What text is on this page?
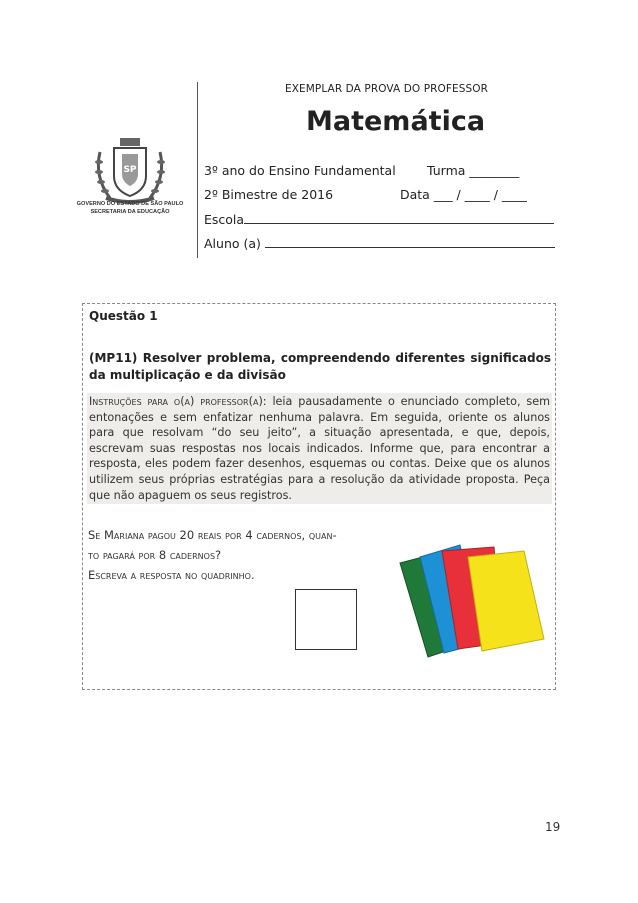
SP
GOVERNO DO ESTADO DE SÃO PAULO
SECRETARIA DA EDUCAÇÃO
EXEMPLAR DA PROVA DO PROFESSOR
Matemática
3º ano do Ensino Fundamental	Turma ________
2º Bimestre de 2016	Data ___ / ____ / ____
Escola
Aluno (a)
Questão 1
(MP11) Resolver problema, compreendendo diferentes significados da multiplicação e da divisão
Instruções para o(a) professor(a): leia pausadamente o enunciado completo, sem entonações e sem enfatizar nenhuma palavra. Em seguida, oriente os alunos para que resolvam “do seu jeito”, a situação apresentada, e que, depois, escrevam suas respostas nos locais indicados. Informe que, para encontrar a resposta, eles podem fazer desenhos, esquemas ou contas. Deixe que os alunos utilizem seus próprias estratégias para a resolução da atividade proposta. Peça que não apaguem os seus registros.
Se Mariana pagou 20 reais por 4 cadernos, quan-
to pagará por 8 cadernos?
Escreva a resposta no quadrinho.
19
